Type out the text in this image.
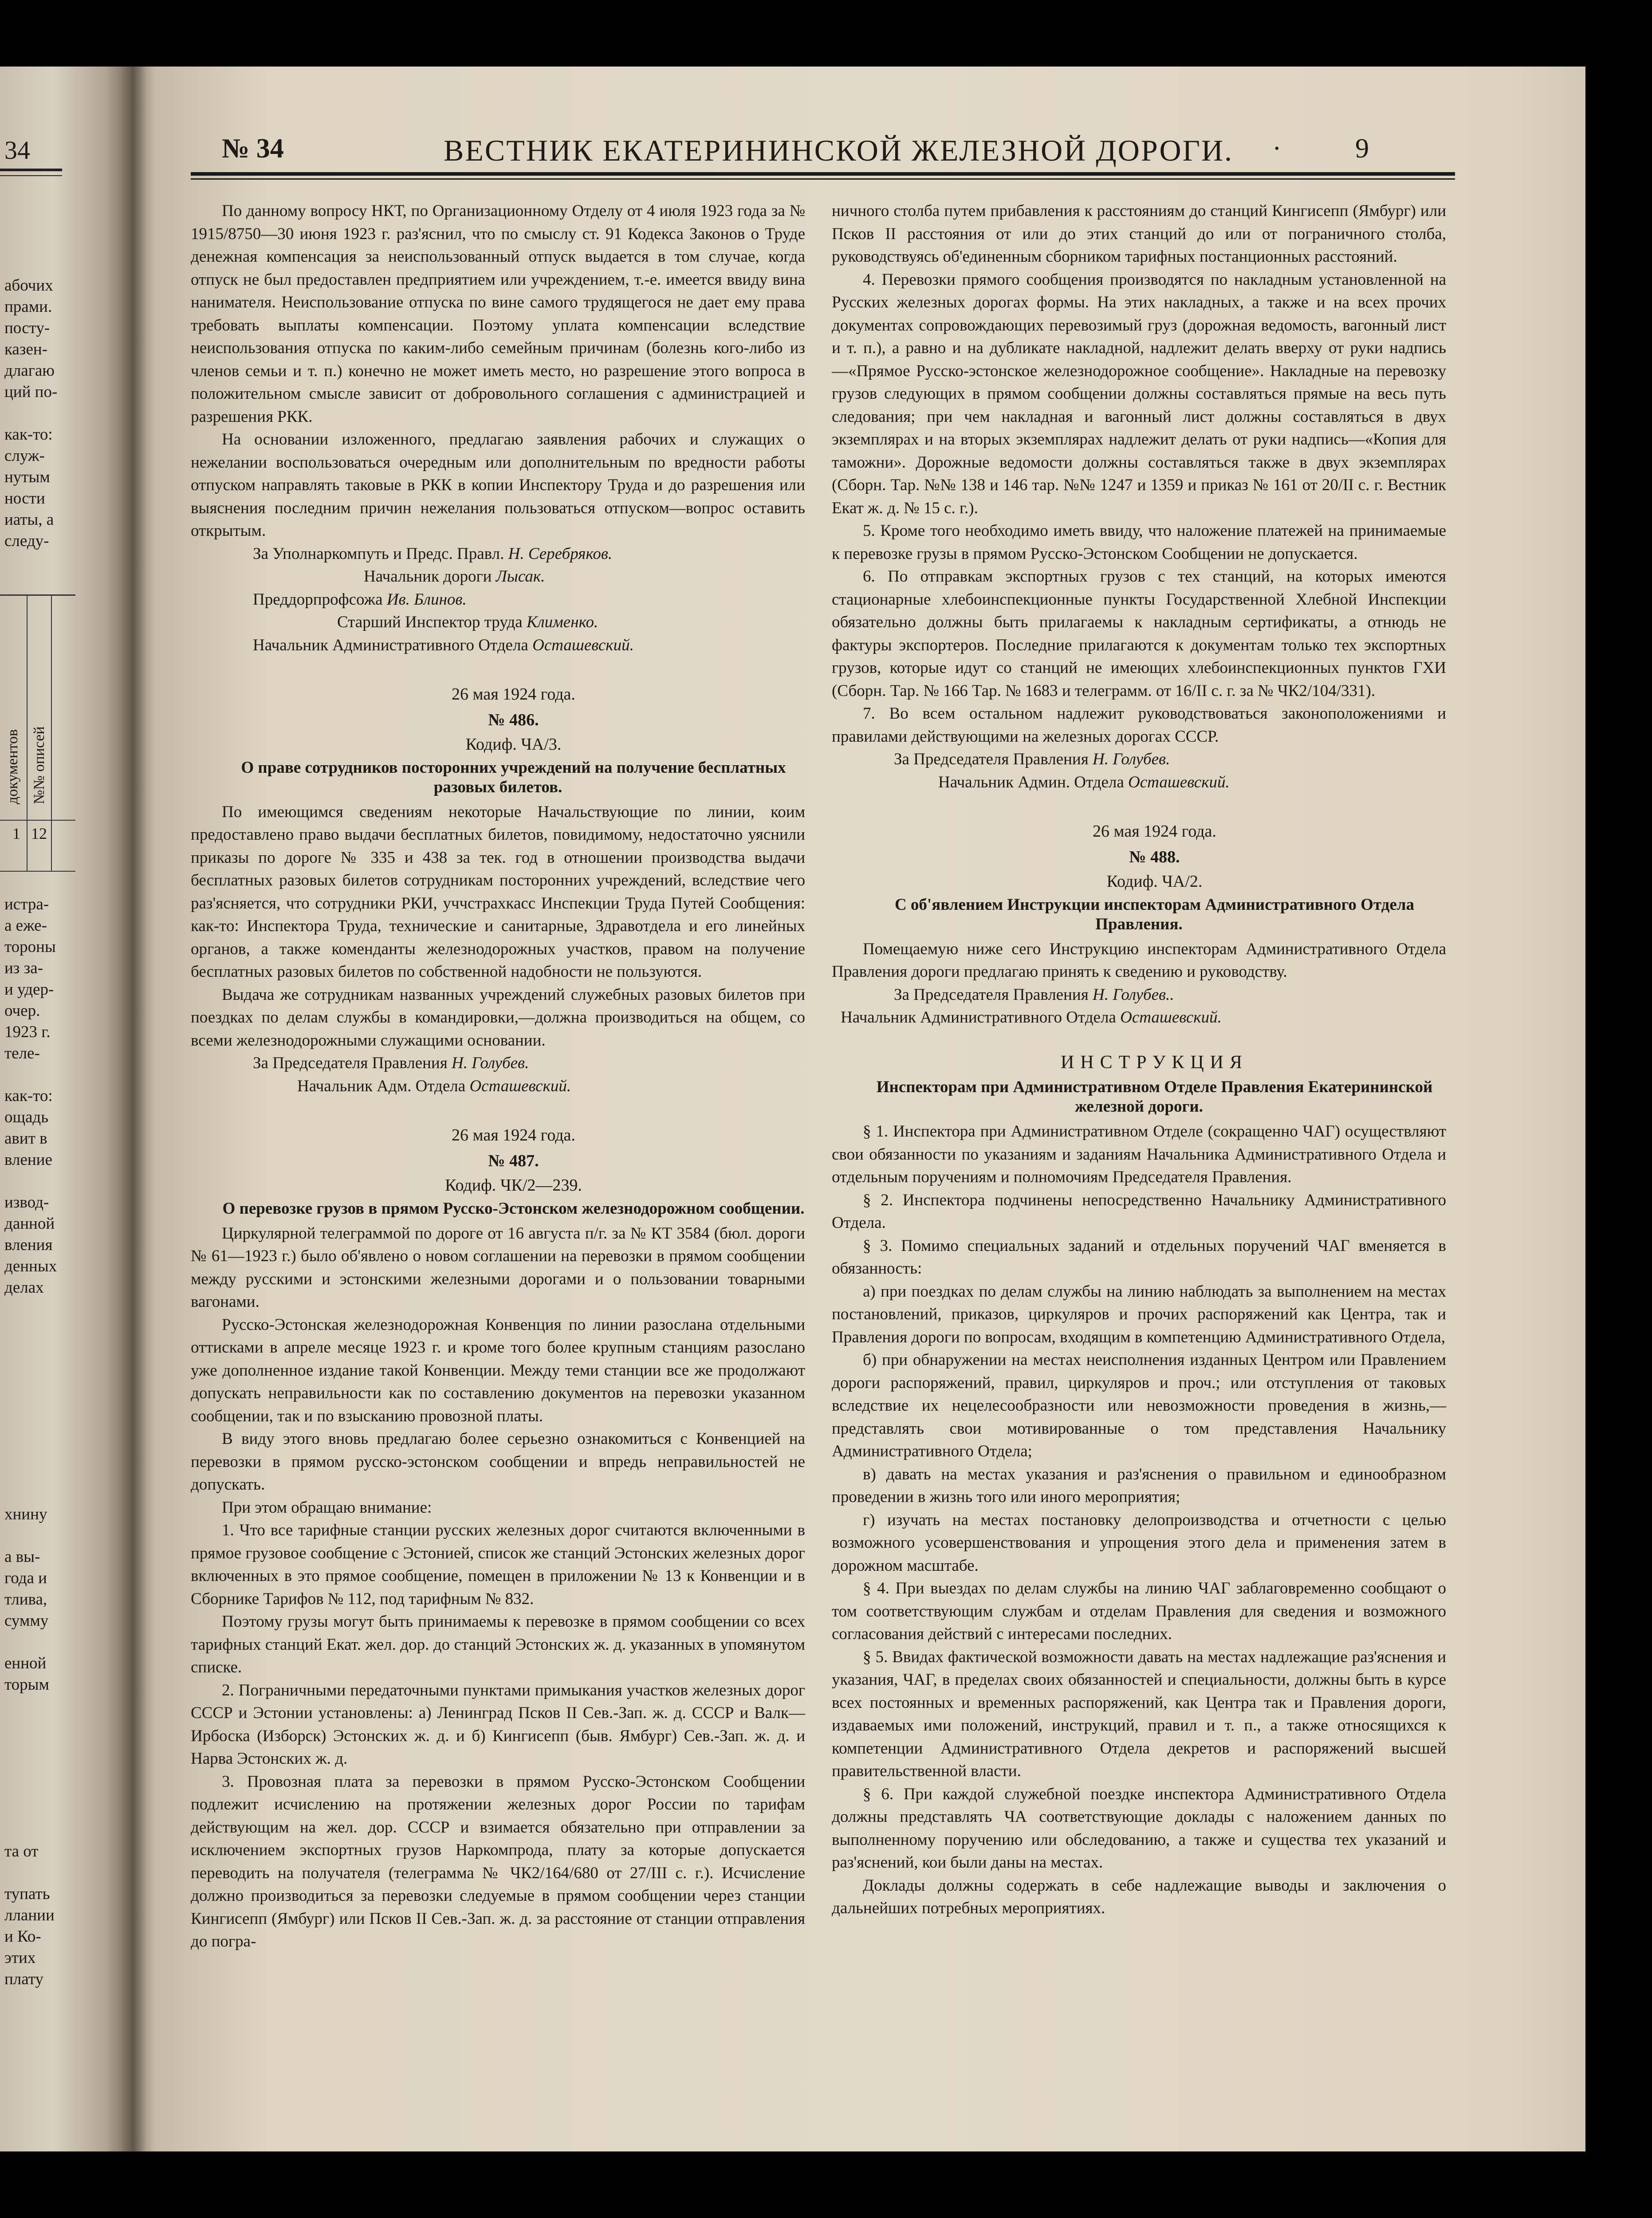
34
абочих
прами.
посту-
казен-
длагаю
ций по-
как-то:
служ-
нутым
ности
иаты, а
следу-
документов №№ описей
1 12
истра-
а еже-
тороны
из за-
и удер-
очер.
1923 г.
теле-
как-то:
ощадь
авит в
вление
извод-
данной
вления
денных
делах
хнину
а вы-
года и
тлива,
сумму
енной
торым
та от
тупать
ллании
и Ко-
этих
плату
№ 34	ВЕСТНИК ЕКАТЕРИНИНСКОЙ ЖЕЛЕЗНОЙ ДОРОГИ. ·	9

По данному вопросу НКТ, по Организационному Отделу от 4 июля 1923 года за № 1915/8750—30 июня 1923 г. раз'яснил, что по смыслу ст. 91 Кодекса Законов о Труде денежная компенсация за неиспользованный отпуск выдается в том случае, когда отпуск не был предоставлен предприятием или учреждением, т.-е. имеется ввиду вина нанимателя. Неиспользование отпуска по вине самого трудящегося не дает ему права требовать выплаты компенсации. Поэтому уплата компенсации вследствие неиспользования отпуска по каким-либо семейным причинам (болезнь кого-либо из членов семьи и т. п.) конечно не может иметь место, но разрешение этого вопроса в положительном смысле зависит от добровольного соглашения с администрацией и разрешения РКК.

На основании изложенного, предлагаю заявления рабочих и служащих о нежелании воспользоваться очередным или дополнительным по вредности работы отпуском направлять таковые в РКК в копии Инспектору Труда и до разрешения или выяснения последним причин нежелания пользоваться отпуском—вопрос оставить открытым.

За Уполнаркомпуть и Предс. Правл. Н. Серебряков.

Начальник дороги Лысак.

Преддорпрофсожа Ив. Блинов.

Старший Инспектор труда Клименко.

Начальник Административного Отдела Осташевский.

26 мая 1924 года.

№ 486.

Кодиф. ЧА/3.

О праве сотрудников посторонних учреждений на получение бесплатных разовых билетов.

По имеющимся сведениям некоторые Начальствующие по линии, коим предоставлено право выдачи бесплатных билетов, повидимому, недостаточно уяснили приказы по дороге № 335 и 438 за тек. год в отношении производства выдачи бесплатных разовых билетов сотрудникам посторонних учреждений, вследствие чего раз'ясняется, что сотрудники РКИ, уччстрахкасс Инспекции Труда Путей Сообщения: как-то: Инспектора Труда, технические и санитарные, Здравотдела и его линейных органов, а также коменданты железнодорожных участков, правом на получение бесплатных разовых билетов по собственной надобности не пользуются.

Выдача же сотрудникам названных учреждений служебных разовых билетов при поездках по делам службы в командировки,—должна производиться на общем, со всеми железнодорожными служащими основании.

За Председателя Правления Н. Голубев.

Начальник Адм. Отдела Осташевский.

26 мая 1924 года.

№ 487.

Кодиф. ЧК/2—239.

О перевозке грузов в прямом Русско-Эстонском железнодорожном сообщении.

Циркулярной телеграммой по дороге от 16 августа п/г. за № КТ 3584 (бюл. дороги № 61—1923 г.) было об'явлено о новом соглашении на перевозки в прямом сообщении между русскими и эстонскими железными дорогами и о пользовании товарными вагонами.

Русско-Эстонская железнодорожная Конвенция по линии разослана отдельными оттисками в апреле месяце 1923 г. и кроме того более крупным станциям разослано уже дополненное издание такой Конвенции. Между теми станции все же продолжают допускать неправильности как по составлению документов на перевозки указанном сообщении, так и по взысканию провозной платы.

В виду этого вновь предлагаю более серьезно ознакомиться с Конвенцией на перевозки в прямом русско-эстонском сообщении и впредь неправильностей не допускать.

При этом обращаю внимание:

1. Что все тарифные станции русских железных дорог считаются включенными в прямое грузовое сообщение с Эстонией, список же станций Эстонских железных дорог включенных в это прямое сообщение, помещен в приложении № 13 к Конвенции и в Сборнике Тарифов № 112, под тарифным № 832.

Поэтому грузы могут быть принимаемы к перевозке в прямом сообщении со всех тарифных станций Екат. жел. дор. до станций Эстонских ж. д. указанных в упомянутом списке.

2. Пограничными передаточными пунктами примыкания участков железных дорог СССР и Эстонии установлены: а) Ленинград Псков II Сев.-Зап. ж. д. СССР и Валк—Ирбоска (Изборск) Эстонских ж. д. и б) Кингисепп (быв. Ямбург) Сев.-Зап. ж. д. и Нарва Эстонских ж. д.

3. Провозная плата за перевозки в прямом Русско-Эстонском Сообщении подлежит исчислению на протяжении железных дорог России по тарифам действующим на жел. дор. СССР и взимается обязательно при отправлении за исключением экспортных грузов Наркомпрода, плату за которые допускается переводить на получателя (телеграмма № ЧК2/164/680 от 27/III с. г.). Исчисление должно производиться за перевозки следуемые в прямом сообщении через станции Кингисепп (Ямбург) или Псков II Сев.-Зап. ж. д. за расстояние от станции отправления до погра-

ничного столба путем прибавления к расстояниям до станций Кингисепп (Ямбург) или Псков II расстояния от или до этих станций до или от пограничного столба, руководствуясь об'единенным сборником тарифных постанционных расстояний.

4. Перевозки прямого сообщения производятся по накладным установленной на Русских железных дорогах формы. На этих накладных, а также и на всех прочих документах сопровождающих перевозимый груз (дорожная ведомость, вагонный лист и т. п.), а равно и на дубликате накладной, надлежит делать вверху от руки надпись—«Прямое Русско-эстонское железнодорожное сообщение». Накладные на перевозку грузов следующих в прямом сообщении должны составляться прямые на весь путь следования; при чем накладная и вагонный лист должны составляться в двух экземплярах и на вторых экземплярах надлежит делать от руки надпись—«Копия для таможни». Дорожные ведомости должны составляться также в двух экземплярах (Сборн. Тар. №№ 138 и 146 тар. №№ 1247 и 1359 и приказ № 161 от 20/II с. г. Вестник Екат ж. д. № 15 с. г.).

5. Кроме того необходимо иметь ввиду, что наложение платежей на принимаемые к перевозке грузы в прямом Русско-Эстонском Сообщении не допускается.

6. По отправкам экспортных грузов с тех станций, на которых имеются стационарные хлебоинспекционные пункты Государственной Хлебной Инспекции обязательно должны быть прилагаемы к накладным сертификаты, а отнюдь не фактуры экспортеров. Последние прилагаются к документам только тех экспортных грузов, которые идут со станций не имеющих хлебоинспекционных пунктов ГХИ (Сборн. Тар. № 166 Тар. № 1683 и телеграмм. от 16/II с. г. за № ЧК2/104/331).

7. Во всем остальном надлежит руководствоваться законоположениями и правилами действующими на железных дорогах СССР.

За Председателя Правления Н. Голубев.

Начальник Админ. Отдела Осташевский.

26 мая 1924 года.

№ 488.

Кодиф. ЧА/2.

С об'явлением Инструкции инспекторам Административного Отдела Правления.

Помещаемую ниже сего Инструкцию инспекторам Административного Отдела Правления дороги предлагаю принять к сведению и руководству.

За Председателя Правления Н. Голубев..

Начальник Административного Отдела Осташевский.

ИНСТРУКЦИЯ

Инспекторам при Административном Отделе Правления Екатерининской железной дороги.

§ 1. Инспектора при Административном Отделе (сокращенно ЧАГ) осуществляют свои обязанности по указаниям и заданиям Начальника Административного Отдела и отдельным поручениям и полномочиям Председателя Правления.

§ 2. Инспектора подчинены непосредственно Начальнику Административного Отдела.

§ 3. Помимо специальных заданий и отдельных поручений ЧАГ вменяется в обязанность:

а) при поездках по делам службы на линию наблюдать за выполнением на местах постановлений, приказов, циркуляров и прочих распоряжений как Центра, так и Правления дороги по вопросам, входящим в компетенцию Административного Отдела,

б) при обнаружении на местах неисполнения изданных Центром или Правлением дороги распоряжений, правил, циркуляров и проч.; или отступления от таковых вследствие их нецелесообразности или невозможности проведения в жизнь,—представлять свои мотивированные о том представления Начальнику Административного Отдела;

в) давать на местах указания и раз'яснения о правильном и единообразном проведении в жизнь того или иного мероприятия;

г) изучать на местах постановку делопроизводства и отчетности с целью возможного усовершенствования и упрощения этого дела и применения затем в дорожном масштабе.

§ 4. При выездах по делам службы на линию ЧАГ заблаговременно сообщают о том соответствующим службам и отделам Правления для сведения и возможного согласования действий с интересами последних.

§ 5. Ввидах фактической возможности давать на местах надлежащие раз'яснения и указания, ЧАГ, в пределах своих обязанностей и специальности, должны быть в курсе всех постоянных и временных распоряжений, как Центра так и Правления дороги, издаваемых ими положений, инструкций, правил и т. п., а также относящихся к компетенции Административного Отдела декретов и распоряжений высшей правительственной власти.

§ 6. При каждой служебной поездке инспектора Административного Отдела должны представлять ЧА соответствующие доклады с наложением данных по выполненному поручению или обследованию, а также и существа тех указаний и раз'яснений, кои были даны на местах.

Доклады должны содержать в себе надлежащие выводы и заключения о дальнейших потребных мероприятиях.
